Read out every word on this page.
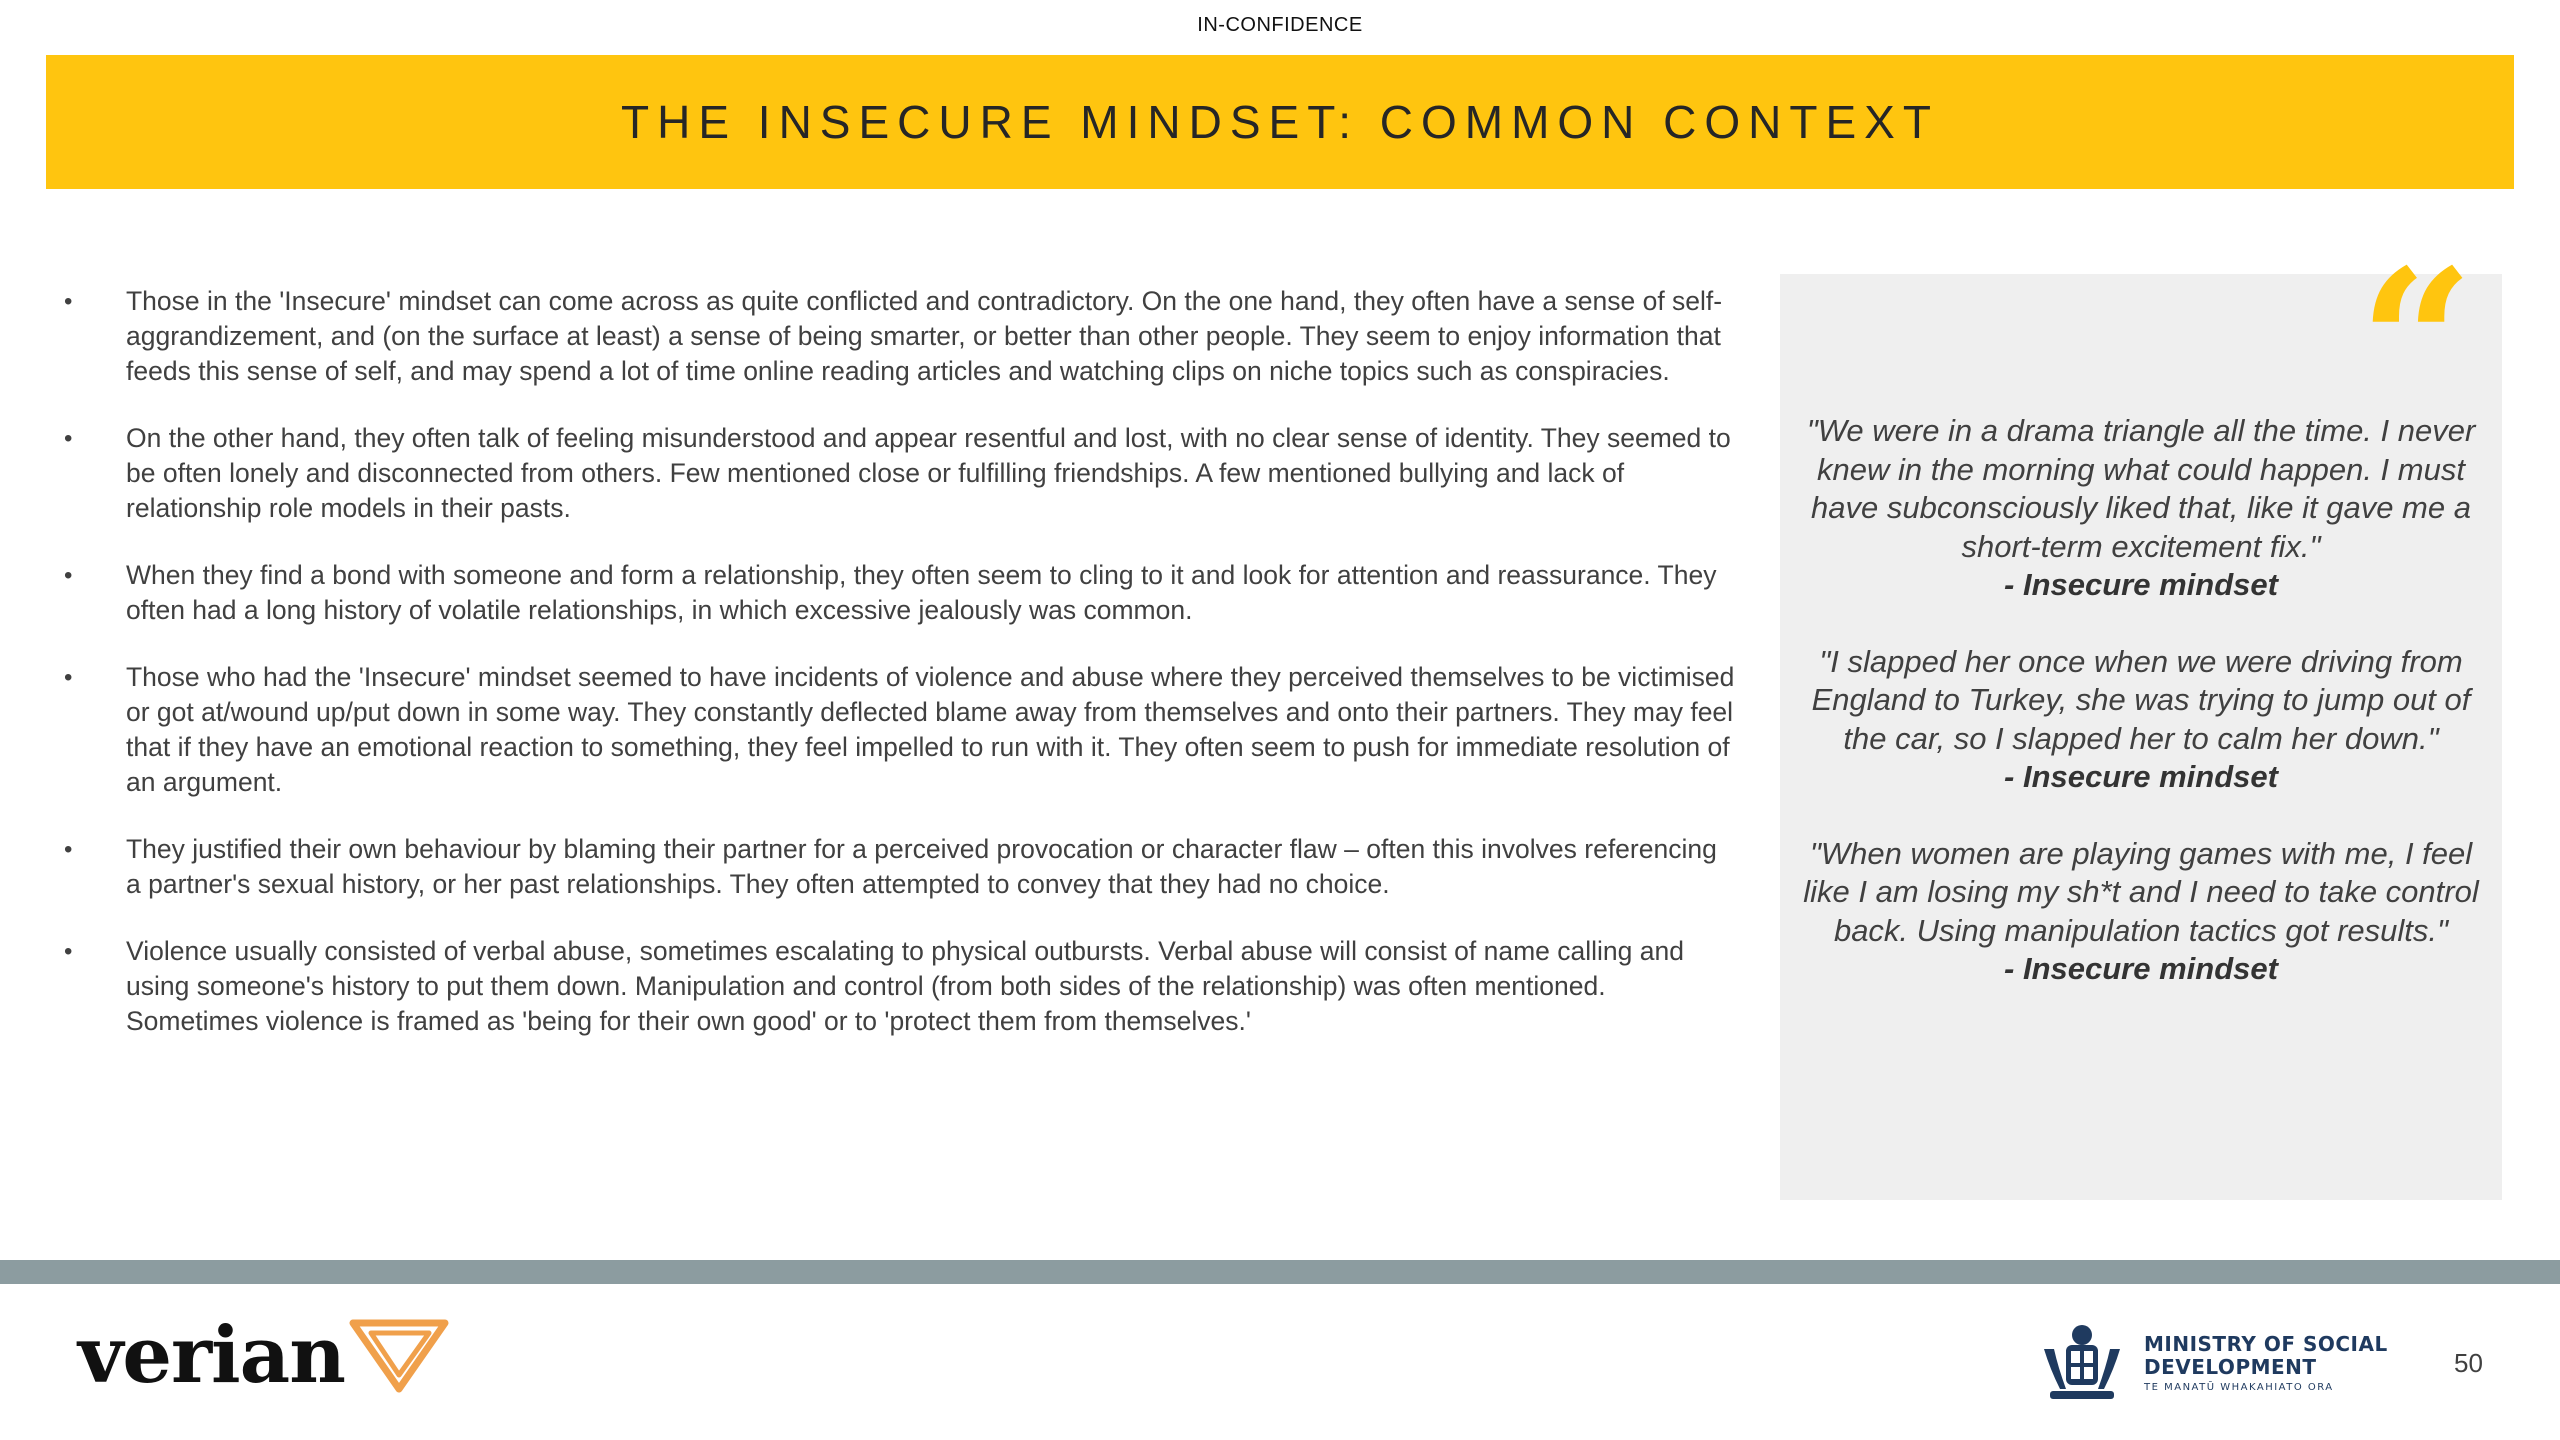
IN-CONFIDENCE
THE INSECURE MINDSET: COMMON CONTEXT
• Those in the 'Insecure' mindset can come across as quite conflicted and contradictory. On the one hand, they often have a sense of self-aggrandizement, and (on the surface at least) a sense of being smarter, or better than other people. They seem to enjoy information that feeds this sense of self, and may spend a lot of time online reading articles and watching clips on niche topics such as conspiracies.
• On the other hand, they often talk of feeling misunderstood and appear resentful and lost, with no clear sense of identity. They seemed to be often lonely and disconnected from others. Few mentioned close or fulfilling friendships. A few mentioned bullying and lack of relationship role models in their pasts.
• When they find a bond with someone and form a relationship, they often seem to cling to it and look for attention and reassurance. They often had a long history of volatile relationships, in which excessive jealously was common.
• Those who had the 'Insecure' mindset seemed to have incidents of violence and abuse where they perceived themselves to be victimised or got at/wound up/put down in some way. They constantly deflected blame away from themselves and onto their partners. They may feel that if they have an emotional reaction to something, they feel impelled to run with it. They often seem to push for immediate resolution of an argument.
• They justified their own behaviour by blaming their partner for a perceived provocation or character flaw – often this involves referencing a partner's sexual history, or her past relationships. They often attempted to convey that they had no choice.
• Violence usually consisted of verbal abuse, sometimes escalating to physical outbursts. Verbal abuse will consist of name calling and using someone's history to put them down. Manipulation and control (from both sides of the relationship) was often mentioned. Sometimes violence is framed as 'being for their own good' or to 'protect them from themselves.'
“
"We were in a drama triangle all the time. I never knew in the morning what could happen. I must have subconsciously liked that, like it gave me a short-term excitement fix."
- Insecure mindset
"I slapped her once when we were driving from England to Turkey, she was trying to jump out of the car, so I slapped her to calm her down."
- Insecure mindset
"When women are playing games with me, I feel like I am losing my sh*t and I need to take control back. Using manipulation tactics got results."
- Insecure mindset
verian	MINISTRY OF SOCIAL
DEVELOPMENT
TE MANATŪ WHAKAHIATO ORA
50
